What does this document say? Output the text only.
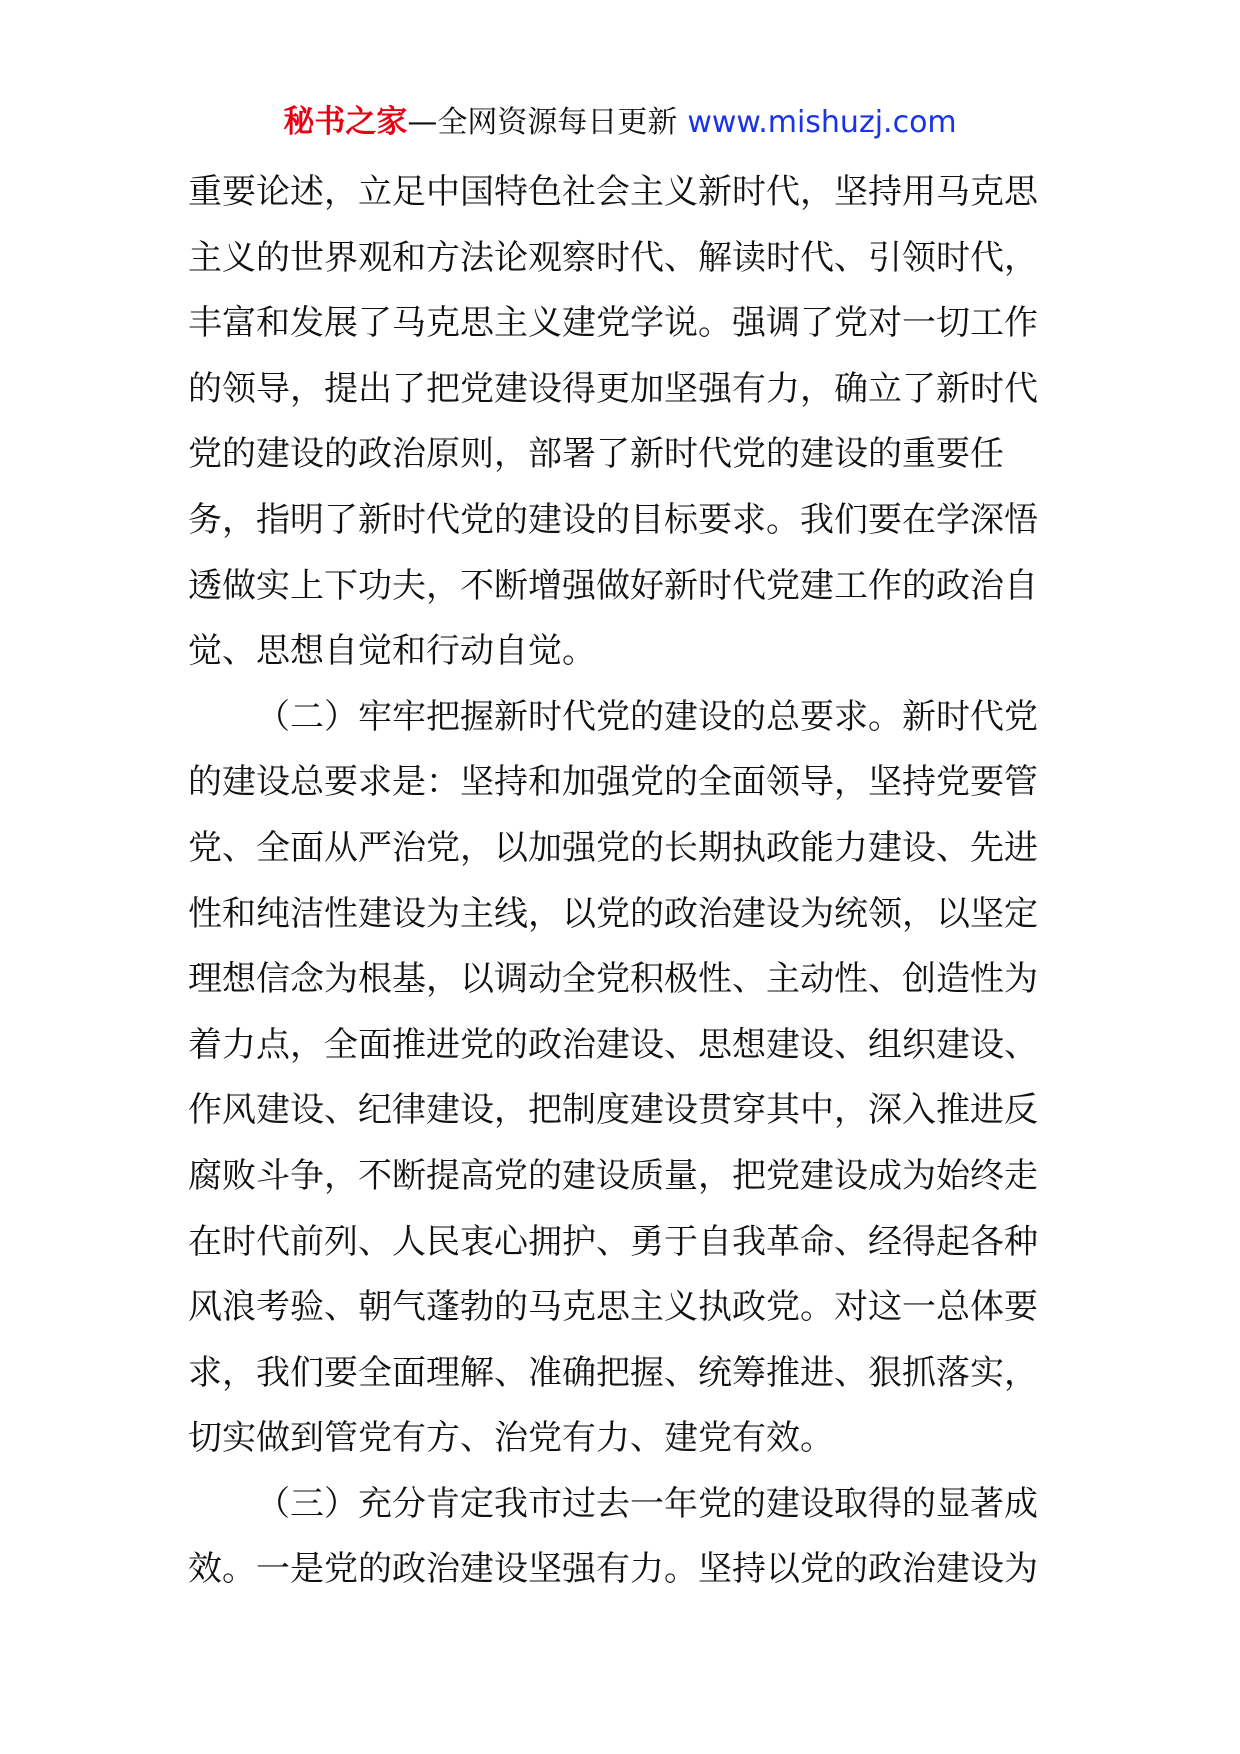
秘书之家—全网资源每日更新 www.mishuzj.com
重要论述，立足中国特色社会主义新时代，坚持用马克思
主义的世界观和方法论观察时代、解读时代、引领时代，
丰富和发展了马克思主义建党学说。强调了党对一切工作
的领导，提出了把党建设得更加坚强有力，确立了新时代
党的建设的政治原则，部署了新时代党的建设的重要任
务，指明了新时代党的建设的目标要求。我们要在学深悟
透做实上下功夫，不断增强做好新时代党建工作的政治自
觉、思想自觉和行动自觉。
（二）牢牢把握新时代党的建设的总要求。新时代党
的建设总要求是：坚持和加强党的全面领导，坚持党要管
党、全面从严治党，以加强党的长期执政能力建设、先进
性和纯洁性建设为主线，以党的政治建设为统领，以坚定
理想信念为根基，以调动全党积极性、主动性、创造性为
着力点，全面推进党的政治建设、思想建设、组织建设、
作风建设、纪律建设，把制度建设贯穿其中，深入推进反
腐败斗争，不断提高党的建设质量，把党建设成为始终走
在时代前列、人民衷心拥护、勇于自我革命、经得起各种
风浪考验、朝气蓬勃的马克思主义执政党。对这一总体要
求，我们要全面理解、准确把握、统筹推进、狠抓落实，
切实做到管党有方、治党有力、建党有效。
（三）充分肯定我市过去一年党的建设取得的显著成
效。一是党的政治建设坚强有力。坚持以党的政治建设为
